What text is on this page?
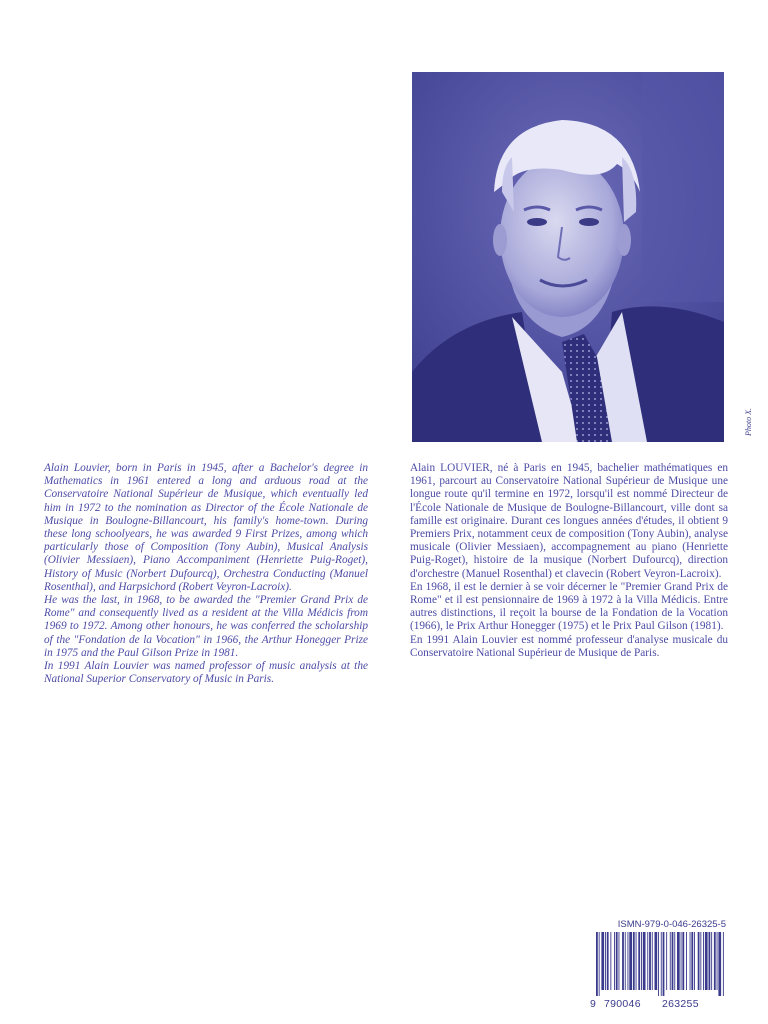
Photo X.

Alain Louvier, born in Paris in 1945, after a Bachelor's degree in Mathematics in 1961 entered a long and arduous road at the Conservatoire National Supérieur de Musique, which eventually led him in 1972 to the nomination as Director of the École Nationale de Musique in Boulogne-Billancourt, his family's home-town. During these long schoolyears, he was awarded 9 First Prizes, among which particularly those of Composition (Tony Aubin), Musical Analysis (Olivier Messiaen), Piano Accompaniment (Henriette Puig-Roget), History of Music (Norbert Dufourcq), Orchestra Conducting (Manuel Rosenthal), and Harpsichord (Robert Veyron-Lacroix).

He was the last, in 1968, to be awarded the "Premier Grand Prix de Rome" and consequently lived as a resident at the Villa Médicis from 1969 to 1972. Among other honours, he was conferred the scholarship of the "Fondation de la Vocation" in 1966, the Arthur Honegger Prize in 1975 and the Paul Gilson Prize in 1981.

In 1991 Alain Louvier was named professor of music analysis at the National Superior Conservatory of Music in Paris.

Alain LOUVIER, né à Paris en 1945, bachelier mathématiques en 1961, parcourt au Conservatoire National Supérieur de Musique une longue route qu'il termine en 1972, lorsqu'il est nommé Directeur de l'École Nationale de Musique de Boulogne-Billancourt, ville dont sa famille est originaire. Durant ces longues années d'études, il obtient 9 Premiers Prix, notamment ceux de composition (Tony Aubin), analyse musicale (Olivier Messiaen), accompagnement au piano (Henriette Puig-Roget), histoire de la musique (Norbert Dufourcq), direction d'orchestre (Manuel Rosenthal) et clavecin (Robert Veyron-Lacroix).

En 1968, il est le dernier à se voir décerner le "Premier Grand Prix de Rome" et il est pensionnaire de 1969 à 1972 à la Villa Médicis. Entre autres distinctions, il reçoit la bourse de la Fondation de la Vocation (1966), le Prix Arthur Honegger (1975) et le Prix Paul Gilson (1981).

En 1991 Alain Louvier est nommé professeur d'analyse musicale du Conservatoire National Supérieur de Musique de Paris.

ISMN-979-0-046-26325-5
9 790046 263255
